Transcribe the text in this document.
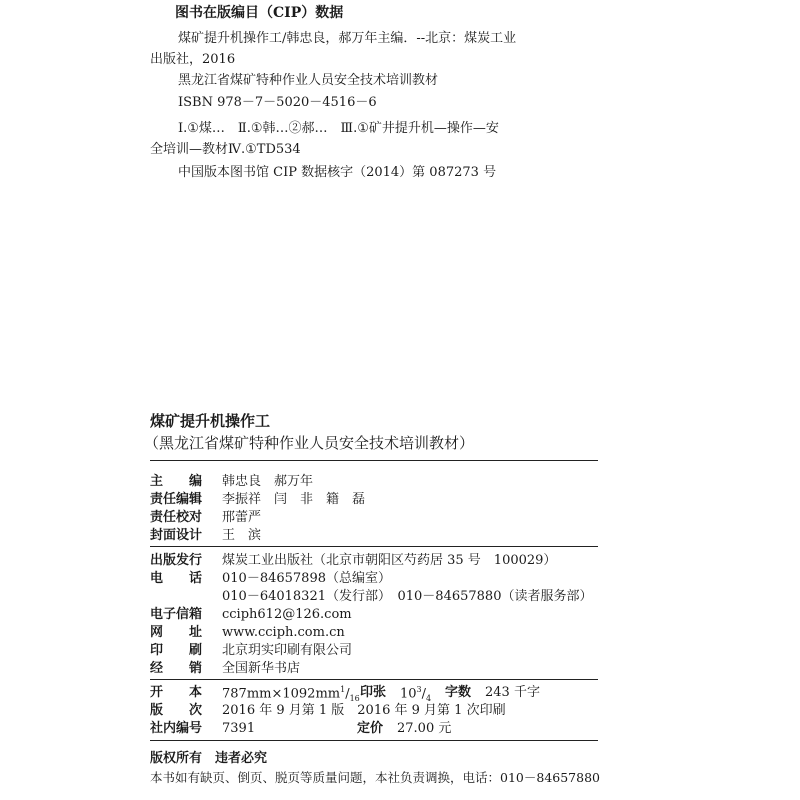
图书在版编目（CIP）数据
煤矿提升机操作工/韩忠良，郝万年主编．--北京：煤炭工业
出版社，2016
黑龙江省煤矿特种作业人员安全技术培训教材
ISBN 978－7－5020－4516－6
Ⅰ.①煤…　Ⅱ.①韩…②郝…　Ⅲ.①矿井提升机—操作—安
全培训—教材Ⅳ.①TD534
中国版本图书馆 CIP 数据核字（2014）第 087273 号
煤矿提升机操作工
（黑龙江省煤矿特种作业人员安全技术培训教材）
主　　编 韩忠良　郝万年
责任编辑 李振祥　闫　非　籍　磊
责任校对 邢蕾严
封面设计 王　滨
出版发行 煤炭工业出版社（北京市朝阳区芍药居 35 号　100029）
电　　话 010－84657898（总编室）
010－64018321（发行部）　010－84657880（读者服务部）
电子信箱 cciph612@126.com
网　　址 www.cciph.com.cn
印　　刷 北京玥实印刷有限公司
经　　销 全国新华书店
开　　本 $787mm\times 1092mm^1/_{16}$ 印张 $10^3/_4$ 字数 243 千字
版　　次 2016 年 9 月第 1 版　2016 年 9 月第 1 次印刷
社内编号 7391	定价 27.00 元
版权所有　违者必究
本书如有缺页、倒页、脱页等质量问题，本社负责调换，电话：010－84657880
